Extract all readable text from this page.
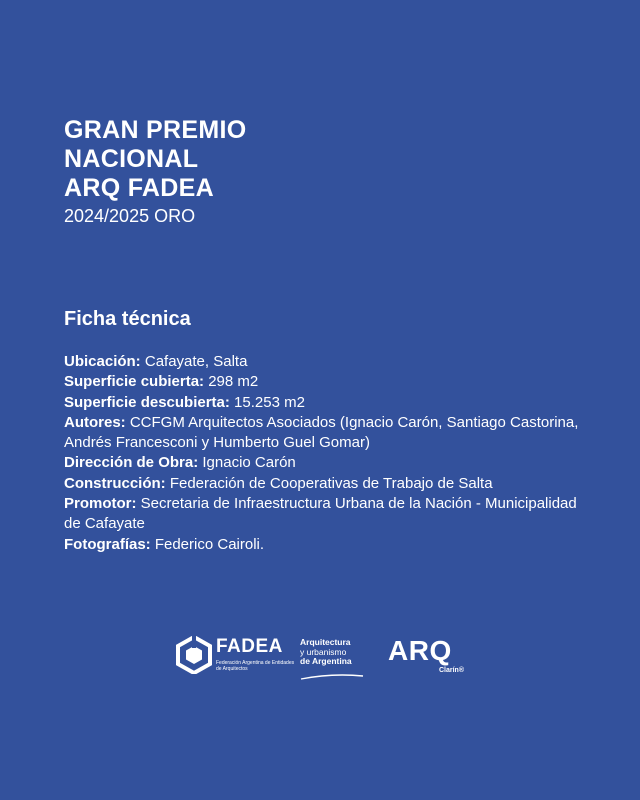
GRAN PREMIO

NACIONAL

ARQ FADEA

2024/2025 ORO
Ficha técnica

Ubicación: Cafayate, Salta

Superficie cubierta: 298 m2

Superficie descubierta: 15.253 m2

Autores: CCFGM Arquitectos Asociados (Ignacio Carón, Santiago Castorina, Andrés Francesconi y Humberto Guel Gomar)

Dirección de Obra: Ignacio Carón

Construcción: Federación de Cooperativas de Trabajo de Salta

Promotor: Secretaria de Infraestructura Urbana de la Nación - Municipalidad de Cafayate

Fotografías: Federico Cairoli.

FADEA
Federación Argentina de Entidades de Arquitectos

Arquitectura

y urbanismo

de Argentina	ARQ
Clarín®
